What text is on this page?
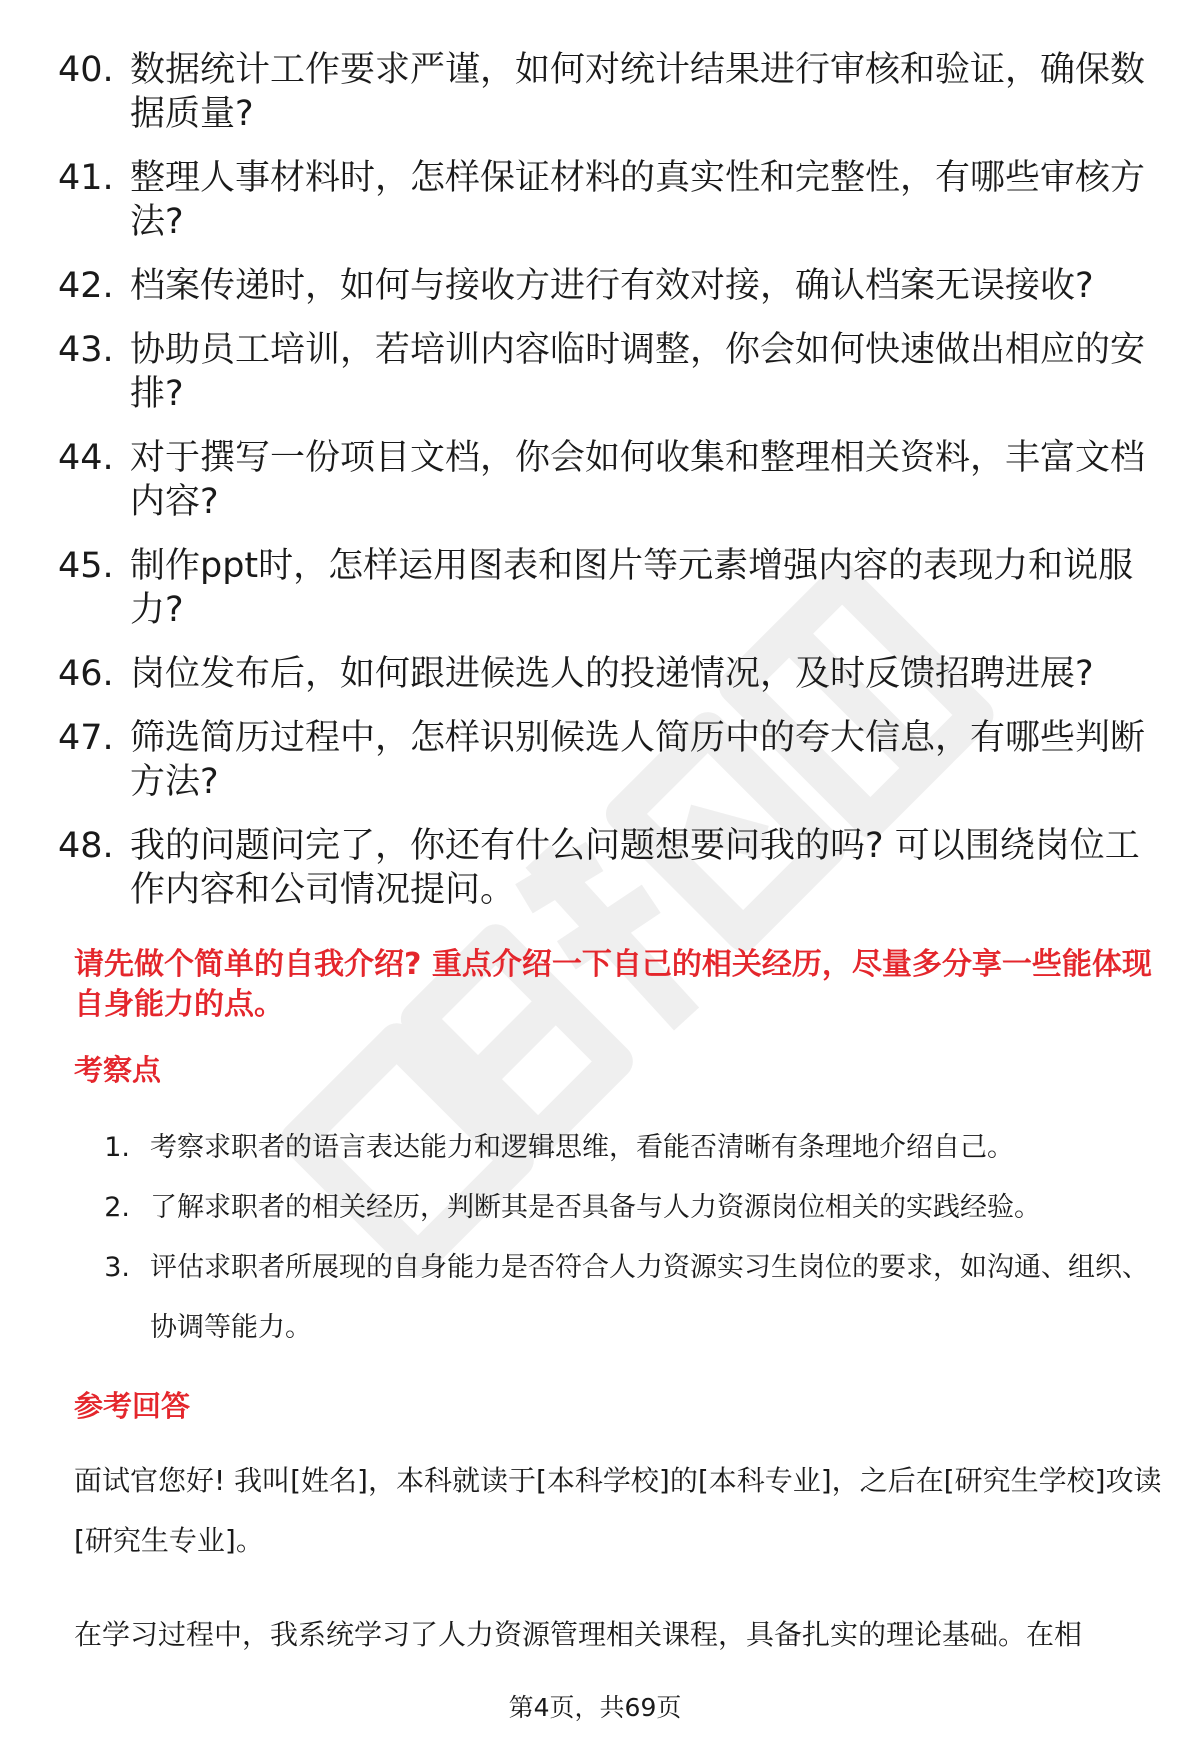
40. 数据统计工作要求严谨，如何对统计结果进行审核和验证，确保数据质量?
41. 整理人事材料时，怎样保证材料的真实性和完整性，有哪些审核方法?
42. 档案传递时，如何与接收方进行有效对接，确认档案无误接收?
43. 协助员工培训，若培训内容临时调整，你会如何快速做出相应的安排?
44. 对于撰写一份项目文档，你会如何收集和整理相关资料，丰富文档内容?
45. 制作ppt时，怎样运用图表和图片等元素增强内容的表现力和说服力?
46. 岗位发布后，如何跟进候选人的投递情况，及时反馈招聘进展?
47. 筛选简历过程中，怎样识别候选人简历中的夸大信息，有哪些判断方法?
48. 我的问题问完了，你还有什么问题想要问我的吗? 可以围绕岗位工作内容和公司情况提问。

请先做个简单的自我介绍? 重点介绍一下自己的相关经历，尽量多分享一些能体现自身能力的点。

考察点

1. 考察求职者的语言表达能力和逻辑思维，看能否清晰有条理地介绍自己。
2. 了解求职者的相关经历，判断其是否具备与人力资源岗位相关的实践经验。
3. 评估求职者所展现的自身能力是否符合人力资源实习生岗位的要求，如沟通、组织、协调等能力。

参考回答

面试官您好! 我叫[姓名]，本科就读于[本科学校]的[本科专业]，之后在[研究生学校]攻读[研究生专业]。

在学习过程中，我系统学习了人力资源管理相关课程，具备扎实的理论基础。在相

第4页，共69页
